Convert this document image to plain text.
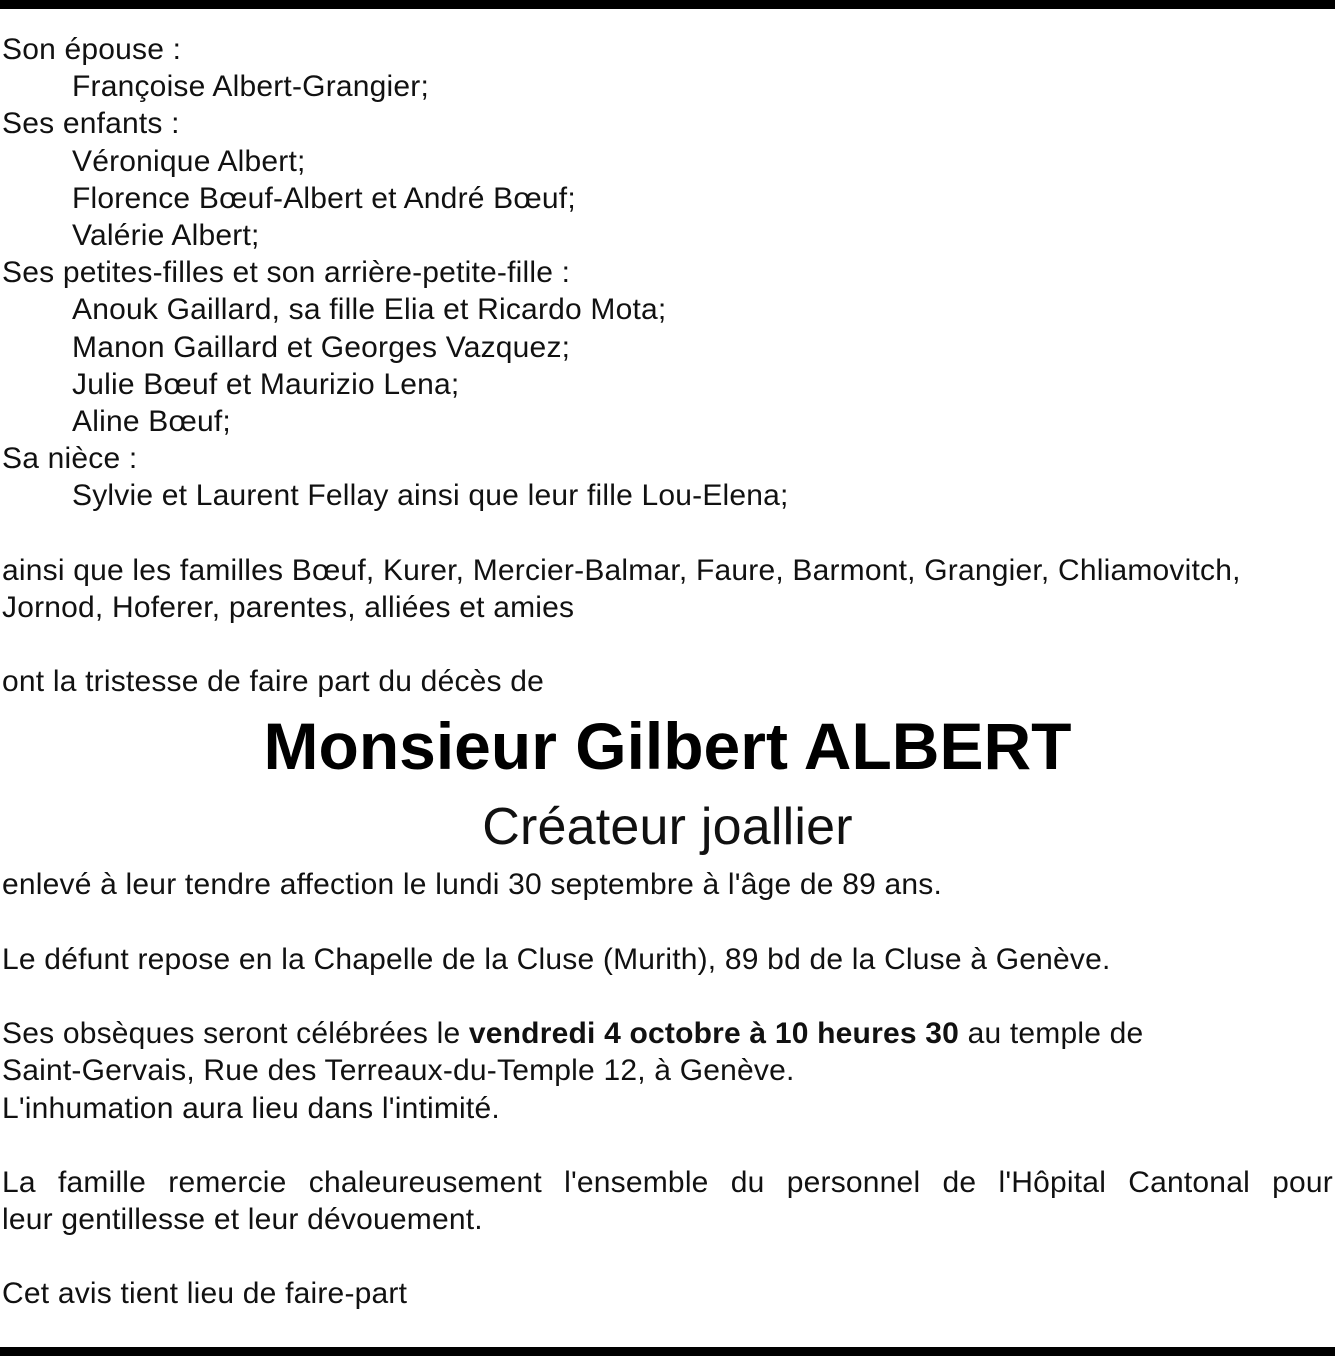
Son épouse :
Françoise Albert-Grangier;
Ses enfants :
Véronique Albert;
Florence Bœuf-Albert et André Bœuf;
Valérie Albert;
Ses petites-filles et son arrière-petite-fille :
Anouk Gaillard, sa fille Elia et Ricardo Mota;
Manon Gaillard et Georges Vazquez;
Julie Bœuf et Maurizio Lena;
Aline Bœuf;
Sa nièce :
Sylvie et Laurent Fellay ainsi que leur fille Lou-Elena;
ainsi que les familles Bœuf, Kurer, Mercier-Balmar, Faure, Barmont, Grangier, Chliamovitch,
Jornod, Hoferer, parentes, alliées et amies
ont la tristesse de faire part du décès de
Monsieur Gilbert ALBERT
Créateur joallier
enlevé à leur tendre affection le lundi 30 septembre à l'âge de 89 ans.
Le défunt repose en la Chapelle de la Cluse (Murith), 89 bd de la Cluse à Genève.
Ses obsèques seront célébrées le vendredi 4 octobre à 10 heures 30 au temple de
Saint-Gervais, Rue des Terreaux-du-Temple 12, à Genève.
L'inhumation aura lieu dans l'intimité.
La famille remercie chaleureusement l'ensemble du personnel de l'Hôpital Cantonal pour
leur gentillesse et leur dévouement.
Cet avis tient lieu de faire-part
